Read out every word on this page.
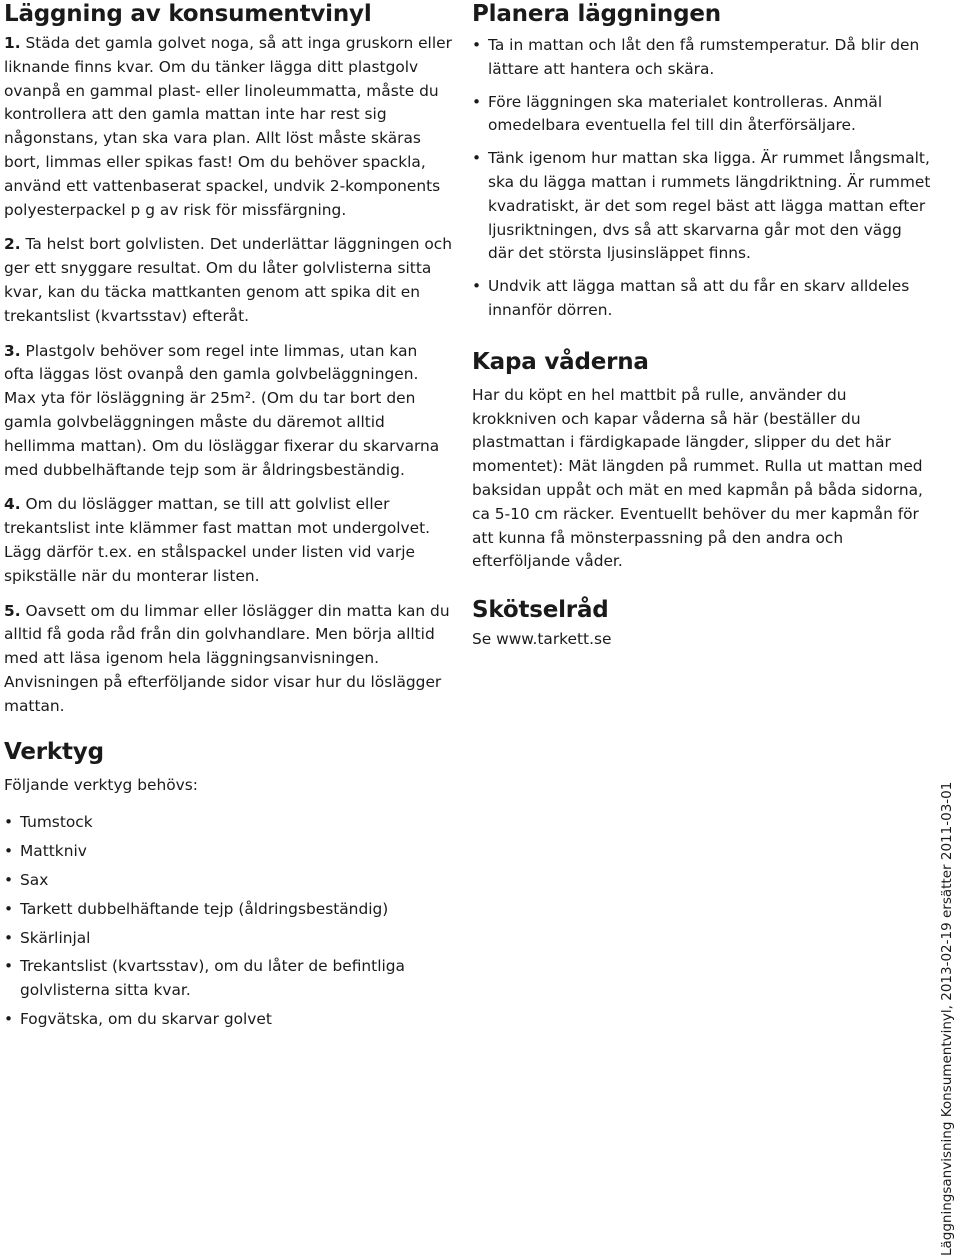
Läggning av konsumentvinyl

1. Städa det gamla golvet noga, så att inga gruskorn eller liknande finns kvar. Om du tänker lägga ditt plastgolv ovanpå en gammal plast- eller linoleummatta, måste du kontrollera att den gamla mattan inte har rest sig någonstans, ytan ska vara plan. Allt löst måste skäras bort, limmas eller spikas fast! Om du behöver spackla, använd ett vattenbaserat spackel, undvik 2-komponents polyesterpackel p g av risk för missfärgning.

2. Ta helst bort golvlisten. Det underlättar läggningen och ger ett snyggare resultat. Om du låter golvlisterna sitta kvar, kan du täcka mattkanten genom att spika dit en trekantslist (kvartsstav) efteråt.

3. Plastgolv behöver som regel inte limmas, utan kan ofta läggas löst ovanpå den gamla golvbeläggningen. Max yta för lösläggning är 25m². (Om du tar bort den gamla golvbeläggningen måste du däremot alltid hellimma mattan). Om du lösläggar fixerar du skarvarna med dubbelhäftande tejp som är åldringsbeständig.

4. Om du löslägger mattan, se till att golvlist eller trekantslist inte klämmer fast mattan mot undergolvet. Lägg därför t.ex. en stålspackel under listen vid varje spikställe när du monterar listen.

5. Oavsett om du limmar eller löslägger din matta kan du alltid få goda råd från din golvhandlare. Men börja alltid med att läsa igenom hela läggningsanvisningen. Anvisningen på efterföljande sidor visar hur du löslägger mattan.

Verktyg

Följande verktyg behövs:

• Tumstock
• Mattkniv
• Sax
• Tarkett dubbelhäftande tejp (åldringsbeständig)
• Skärlinjal
• Trekantslist (kvartsstav), om du låter de befintliga golvlisterna sitta kvar.
• Fogvätska, om du skarvar golvet
Planera läggningen
• Ta in mattan och låt den få rumstemperatur. Då blir den lättare att hantera och skära.
• Före läggningen ska materialet kontrolleras. Anmäl omedelbara eventuella fel till din återförsäljare.
• Tänk igenom hur mattan ska ligga. Är rummet långsmalt, ska du lägga mattan i rummets längdriktning. Är rummet kvadratiskt, är det som regel bäst att lägga mattan efter ljusriktningen, dvs så att skarvarna går mot den vägg där det största ljusinsläppet finns.
• Undvik att lägga mattan så att du får en skarv alldeles innanför dörren.
Kapa våderna

Har du köpt en hel mattbit på rulle, använder du krokkniven och kapar våderna så här (beställer du plastmattan i färdigkapade längder, slipper du det här momentet): Mät längden på rummet. Rulla ut mattan med baksidan uppåt och mät en med kapmån på båda sidorna, ca 5-10 cm räcker. Eventuellt behöver du mer kapmån för att kunna få mönsterpassning på den andra och efterföljande våder.

Skötselråd

Se www.tarkett.se

Läggningsanvisning Konsumentvinyl, 2013-02-19 ersätter 2011-03-01
